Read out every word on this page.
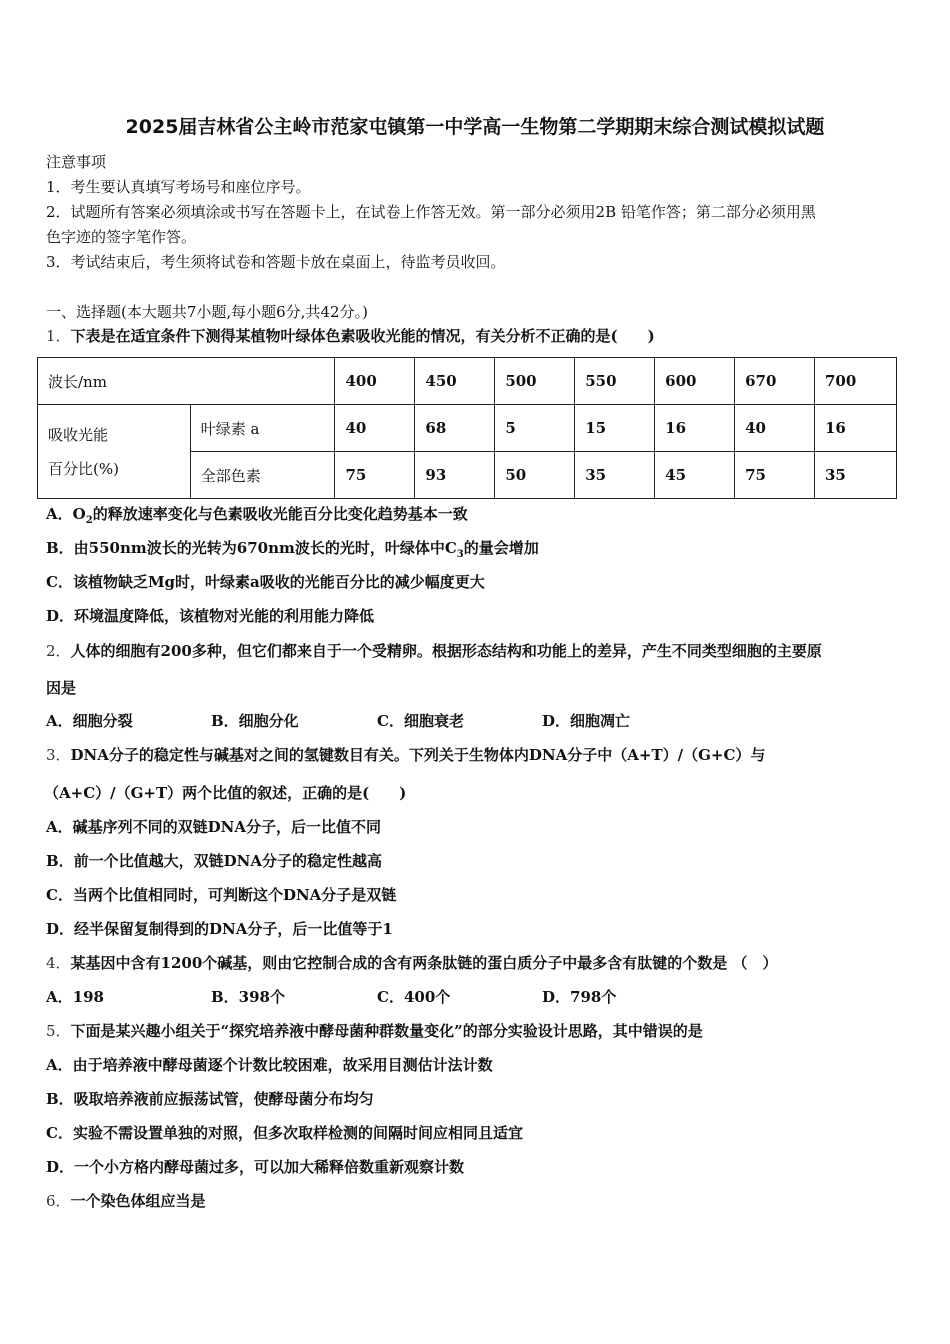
2025届吉林省公主岭市范家屯镇第一中学高一生物第二学期期末综合测试模拟试题
注意事项
1．考生要认真填写考场号和座位序号。
2．试题所有答案必须填涂或书写在答题卡上，在试卷上作答无效。第一部分必须用2B 铅笔作答；第二部分必须用黑
色字迹的签字笔作答。
3．考试结束后，考生须将试卷和答题卡放在桌面上，待监考员收回。
一、选择题(本大题共7小题,每小题6分,共42分。)
1．下表是在适宜条件下测得某植物叶绿体色素吸收光能的情况，有关分析不正确的是(　　)
波长/nm		400	450	500	550	600	670	700
吸收光能
百分比(%)	叶绿素 a	40	68	5	15	16	40	16
	全部色素	75	93	50	35	45	75	35
A．$O_2$的释放速率变化与色素吸收光能百分比变化趋势基本一致
B．由550nm波长的光转为670nm波长的光时，叶绿体中$C_3$的量会增加
C．该植物缺乏Mg时，叶绿素a吸收的光能百分比的减少幅度更大
D．环境温度降低，该植物对光能的利用能力降低
2．人体的细胞有200多种，但它们都来自于一个受精卵。根据形态结构和功能上的差异，产生不同类型细胞的主要原
因是
A．细胞分裂	B．细胞分化	C．细胞衰老	D．细胞凋亡
3．DNA分子的稳定性与碱基对之间的氢键数目有关。下列关于生物体内DNA分子中（A+T）/（G+C）与
（A+C）/（G+T）两个比值的叙述，正确的是(　　)
A．碱基序列不同的双链DNA分子，后一比值不同
B．前一个比值越大，双链DNA分子的稳定性越高
C．当两个比值相同时，可判断这个DNA分子是双链
D．经半保留复制得到的DNA分子，后一比值等于1
4．某基因中含有1200个碱基，则由它控制合成的含有两条肽链的蛋白质分子中最多含有肽键的个数是 （　）
A．198	B．398个	C．400个	D．798个
5．下面是某兴趣小组关于“探究培养液中酵母菌种群数量变化”的部分实验设计思路，其中错误的是
A．由于培养液中酵母菌逐个计数比较困难，故采用目测估计法计数
B．吸取培养液前应振荡试管，使酵母菌分布均匀
C．实验不需设置单独的对照，但多次取样检测的间隔时间应相同且适宜
D．一个小方格内酵母菌过多，可以加大稀释倍数重新观察计数
6．一个染色体组应当是
